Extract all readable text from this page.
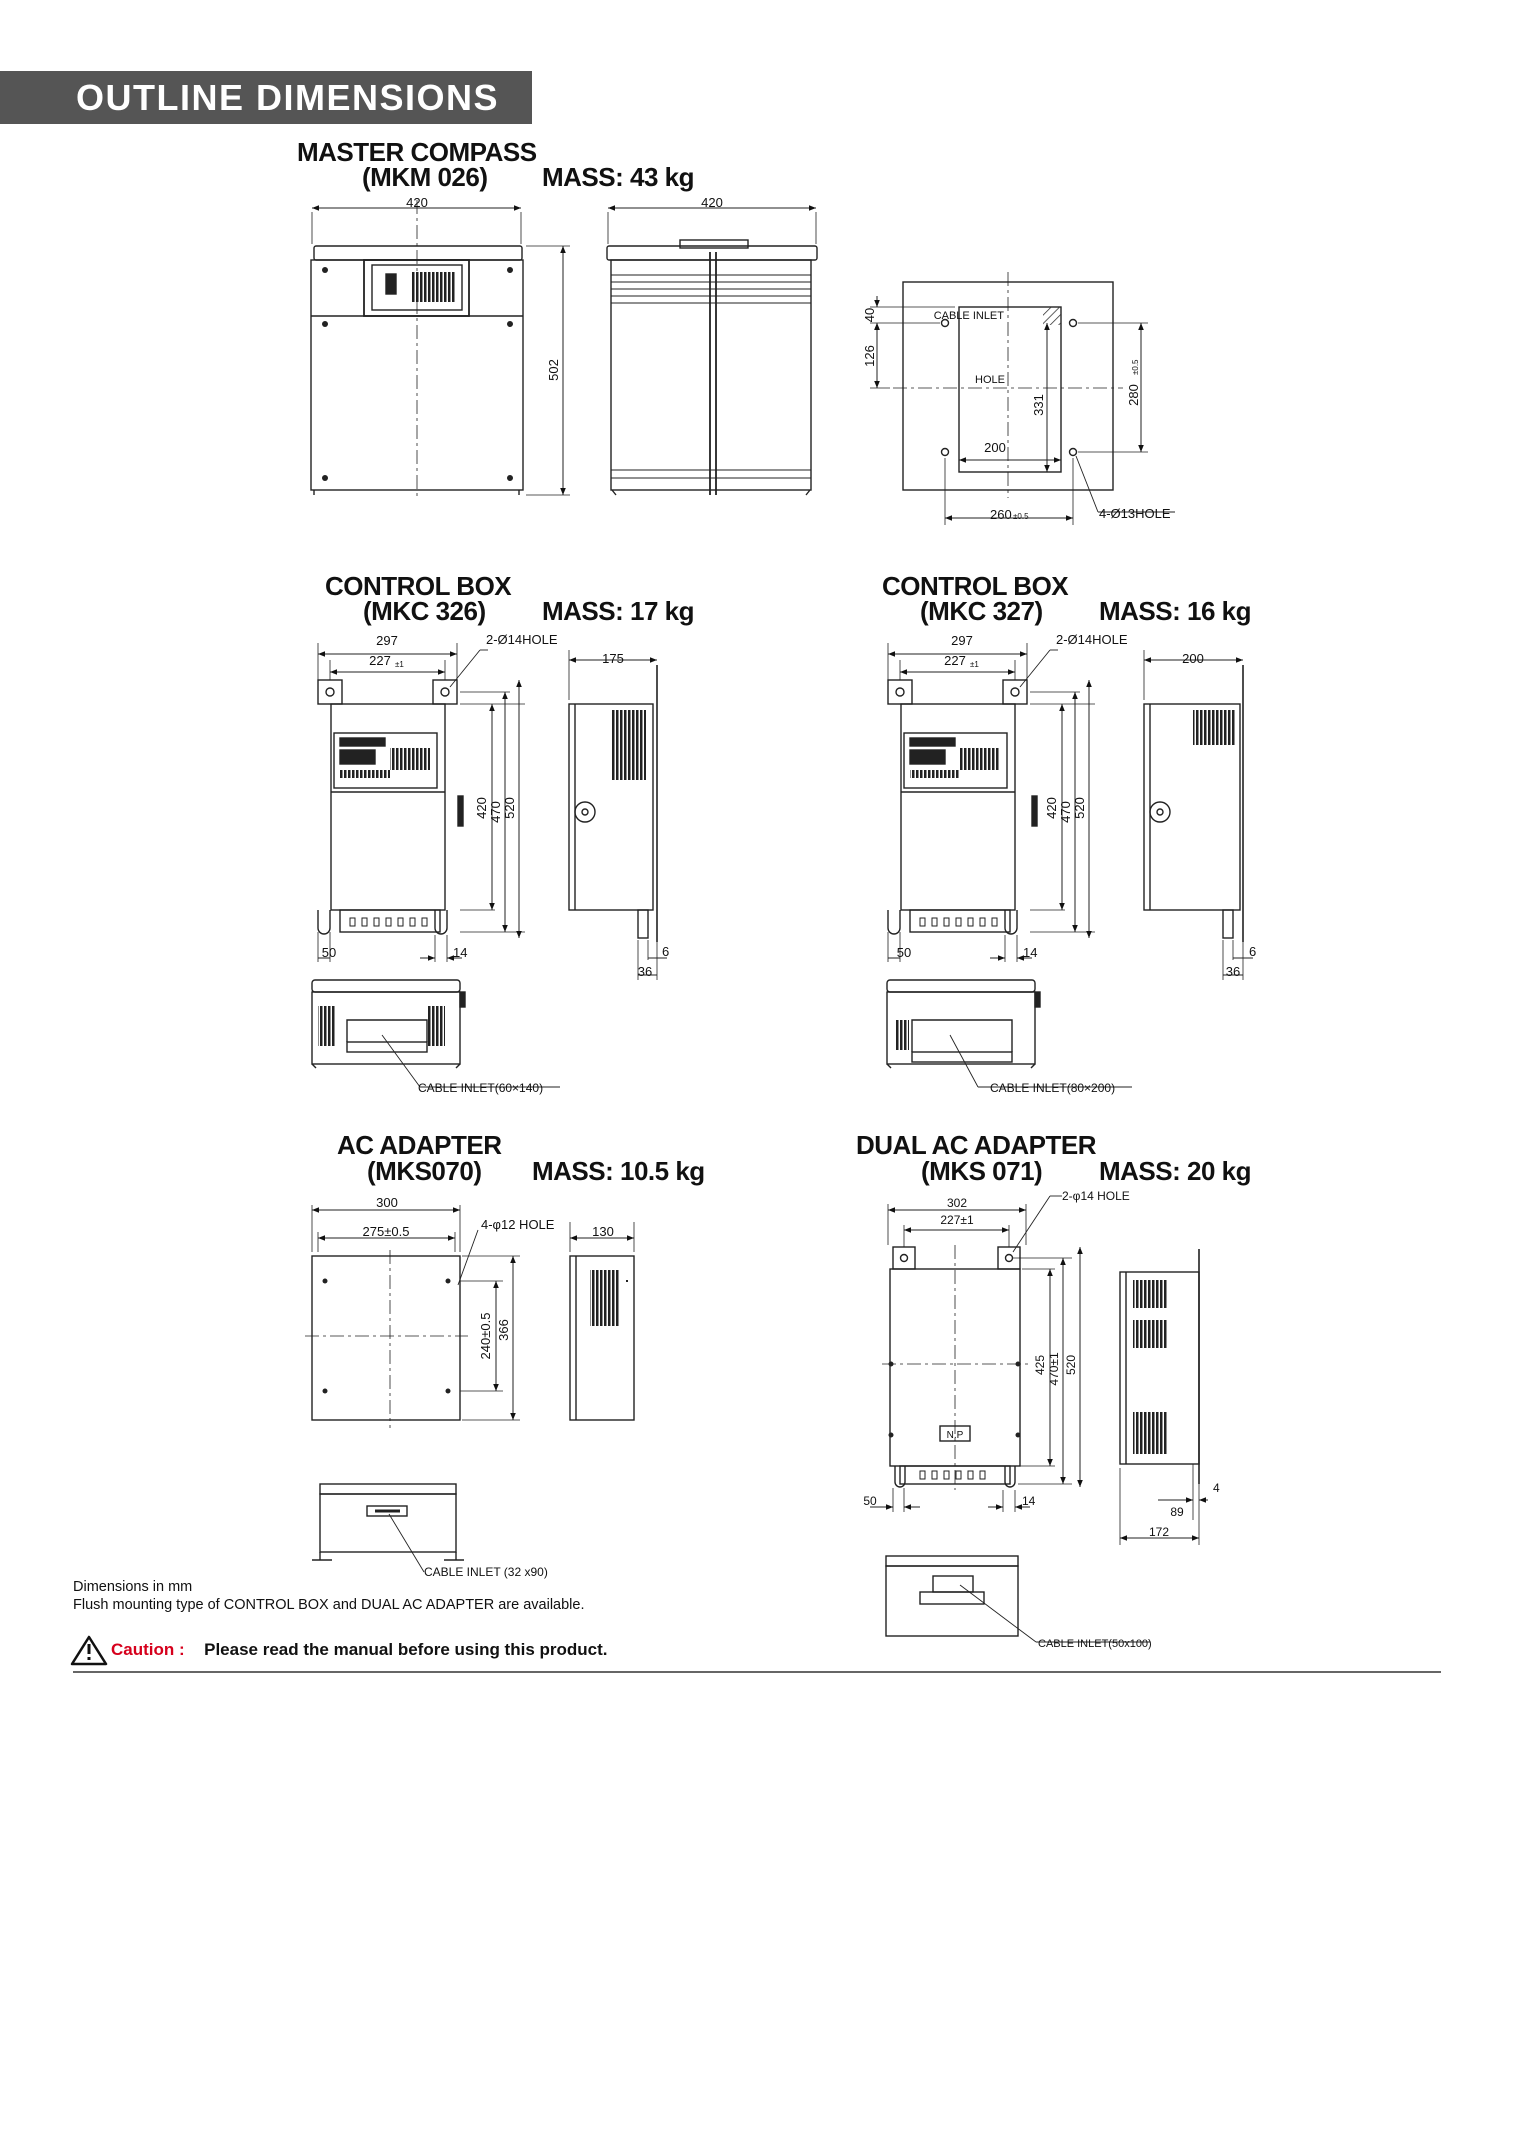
OUTLINE DIMENSIONS
MASTER COMPASS
(MKM 026) MASS: 43 kg
CONTROL BOX
(MKC 326) MASS: 17 kg
CONTROL BOX
(MKC 327) MASS: 16 kg
AC ADAPTER
(MKS070) MASS: 10.5 kg
DUAL AC ADAPTER
(MKS 071) MASS: 20 kg
420	420
502
40
126
CABLE INLET
HOLE
331
200
260 ±0.5
280
±0.5
4-Ø13HOLE
297
227 ±1
2-Ø14HOLE
175
420 470 520
50	14
36
6
CABLE INLET(60×140)
297
227 ±1
2-Ø14HOLE
200
420 470 520
50	14
36
6
CABLE INLET(80×200)
300
275±0.5	4-φ12 HOLE	130
240±0.5 366
CABLE INLET (32 x90)
302
227±1
2-φ14 HOLE
425 470±1 520
N.P
50	14
4
89
172
CABLE INLET(50x100)
Dimensions in mm
Flush mounting type of CONTROL BOX and DUAL AC ADAPTER are available.
Caution : Please read the manual before using this product.
